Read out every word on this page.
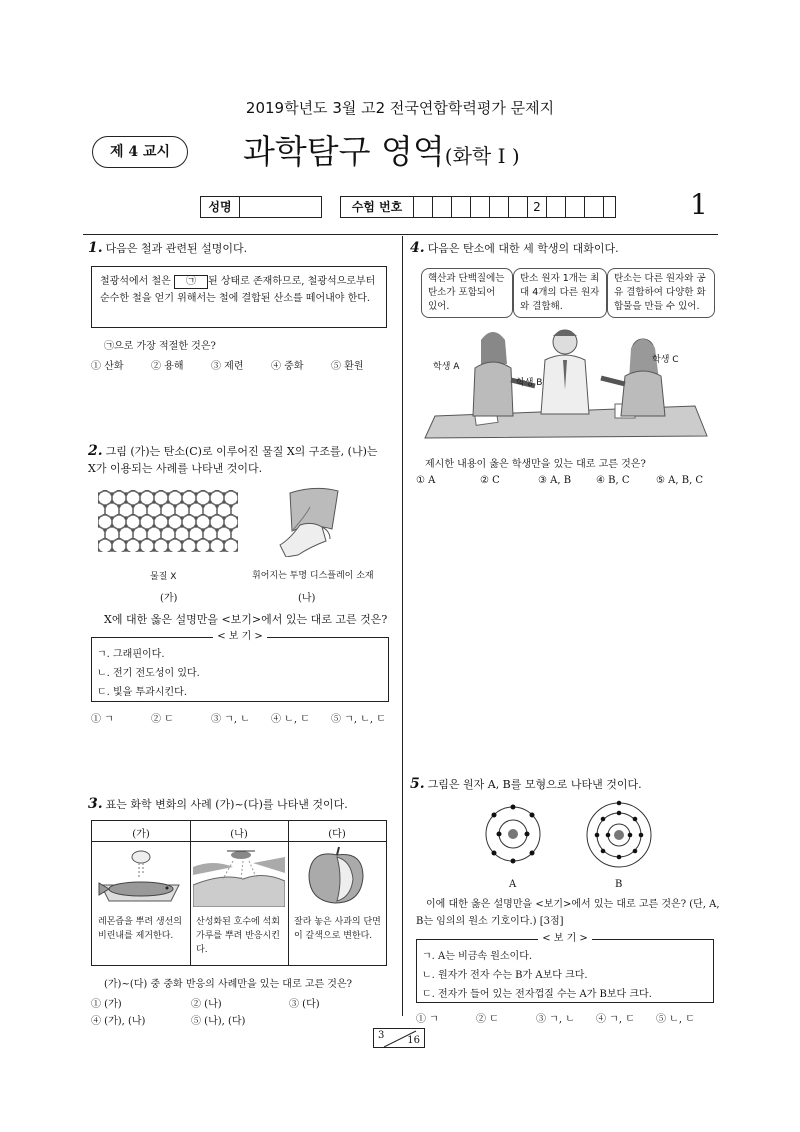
2019학년도 3월 고2 전국연합학력평가 문제지
제 4 교시	과학탐구 영역(화학 I )
성명	수험 번호	2	1
1. 다음은 철과 관련된 설명이다.
철광석에서 철은 ㉠ 된 상태로 존재하므로, 철광석으로부터 순수한 철을 얻기 위해서는 철에 결합된 산소를 떼어내야 한다.
㉠으로 가장 적절한 것은?
① 산화	② 용해	③ 제련	④ 중화	⑤ 환원
2. 그림 (가)는 탄소(C)로 이루어진 물질 X의 구조를, (나)는 X가 이용되는 사례를 나타낸 것이다.
물질 X	휘어지는 투명 디스플레이 소재
(가)	(나)
X에 대한 옳은 설명만을 <보기>에서 있는 대로 고른 것은?
< 보 기 >
ㄱ. 그래핀이다.
ㄴ. 전기 전도성이 있다.
ㄷ. 빛을 투과시킨다.
① ㄱ	② ㄷ	③ ㄱ, ㄴ ④ ㄴ, ㄷ ⑤ ㄱ, ㄴ, ㄷ
3. 표는 화학 변화의 사례 (가)~(다)를 나타낸 것이다.
(가)	(나)	(다)
레몬즙을 뿌려 생선의 비린내를 제거한다.
산성화된 호수에 석회 가루를 뿌려 반응시킨다.
잘라 놓은 사과의 단면이 갈색으로 변한다.
(가)~(다) 중 중화 반응의 사례만을 있는 대로 고른 것은?
① (가)	② (나)	③ (다)
④ (가), (나)	⑤ (나), (다)
4. 다음은 탄소에 대한 세 학생의 대화이다.
핵산과 단백질에는 탄소가 포함되어 있어.
탄소 원자 1개는 최대 4개의 다른 원자와 결합해.
탄소는 다른 원자와 공유 결합하여 다양한 화합물을 만들 수 있어.
학생 A
학생 B
학생 C
제시한 내용이 옳은 학생만을 있는 대로 고른 것은?
① A	② C	③ A, B ④ B, C	⑤ A, B, C
5. 그림은 원자 A, B를 모형으로 나타낸 것이다.
A	B
이에 대한 옳은 설명만을 <보기>에서 있는 대로 고른 것은? (단, A, B는 임의의 원소 기호이다.) [3점]
< 보 기 >
ㄱ. A는 비금속 원소이다.
ㄴ. 원자가 전자 수는 B가 A보다 크다.
ㄷ. 전자가 들어 있는 전자껍질 수는 A가 B보다 크다.
① ㄱ	② ㄷ	③ ㄱ, ㄴ ④ ㄱ, ㄷ ⑤ ㄴ, ㄷ
3 16
